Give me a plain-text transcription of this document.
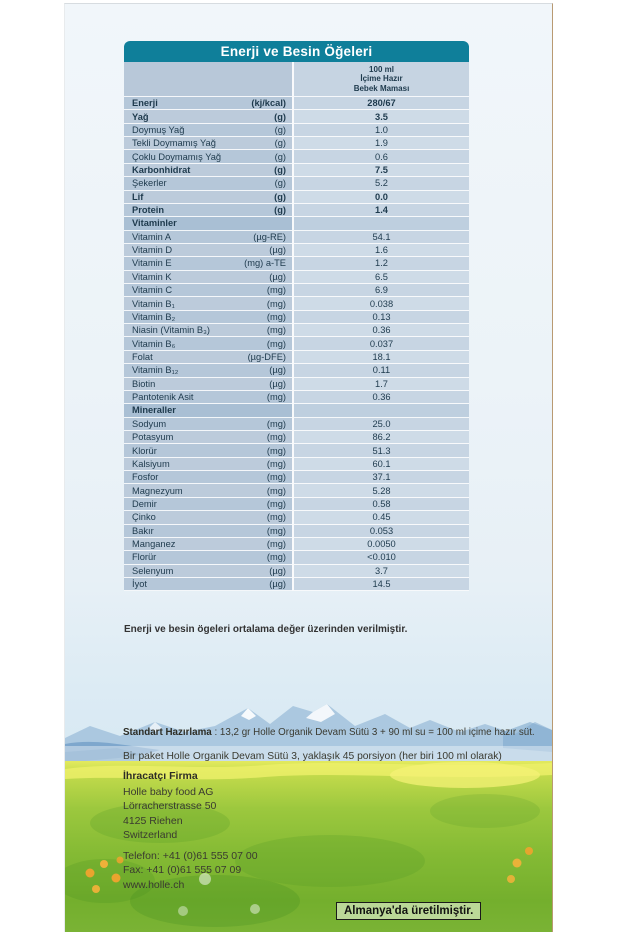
Enerji ve Besin Öğeleri
100 ml
İçime Hazır
Bebek Maması
Enerji	(kj/kcal)	280/67
Yağ	(g)	3.5
Doymuş Yağ	(g)	1.0
Tekli Doymamış Yağ	(g)	1.9
Çoklu Doymamış Yağ	(g)	0.6
Karbonhidrat	(g)	7.5
Şekerler	(g)	5.2
Lif	(g)	0.0
Protein	(g)	1.4
Vitaminler
Vitamin A	(µg-RE)	54.1
Vitamin D	(µg)	1.6
Vitamin E	(mg) a-TE	1.2
Vitamin K	(µg)	6.5
Vitamin C	(mg)	6.9
Vitamin B₁	(mg)	0.038
Vitamin B₂	(mg)	0.13
Niasin (Vitamin B₃)	(mg)	0.36
Vitamin B₆	(mg)	0.037
Folat	(µg-DFE)	18.1
Vitamin B₁₂	(µg)	0.11
Biotin	(µg)	1.7
Pantotenik Asit	(mg)	0.36
Mineraller
Sodyum	(mg)	25.0
Potasyum	(mg)	86.2
Klorür	(mg)	51.3
Kalsiyum	(mg)	60.1
Fosfor	(mg)	37.1
Magnezyum	(mg)	5.28
Demir	(mg)	0.58
Çinko	(mg)	0.45
Bakır	(mg)	0.053
Manganez	(mg)	0.0050
Florür	(mg)	<0.010
Selenyum	(µg)	3.7
İyot	(µg)	14.5
Enerji ve besin ögeleri ortalama değer üzerinden verilmiştir.
Standart Hazırlama : 13,2 gr Holle Organik Devam Sütü 3 + 90 ml su = 100 ml içime hazır süt.
Bir paket Holle Organik Devam Sütü 3, yaklaşık 45 porsiyon (her biri 100 ml olarak)
İhracatçı Firma
Holle baby food AG
Lörracherstrasse 50
4125 Riehen
Switzerland
Telefon: +41 (0)61 555 07 00
Fax: +41 (0)61 555 07 09
www.holle.ch
Almanya'da üretilmiştir.
